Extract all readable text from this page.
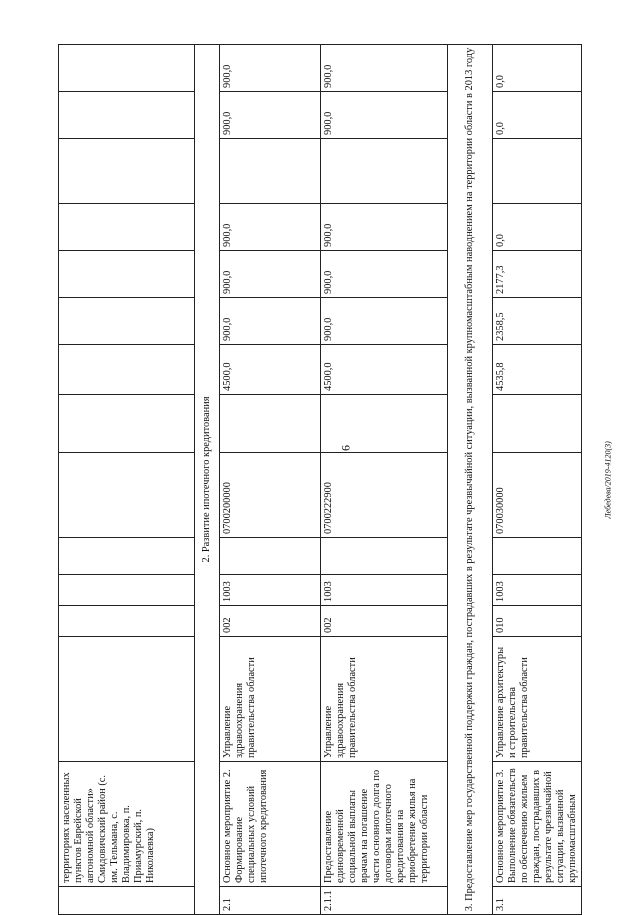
6	Лебедева/2019-4120(3)
	территориях населенных пунктов Еврейской автономной области» Смидовичский район (с. им. Тельмана, с. Владимировка, п. Приамурский, п. Николаевка)													
2. Развитие ипотечного кредитования														
2.1	Основное мероприятие 2. Формирование специальных условий ипотечного кредитования	Управление здравоохранения правительства области	002	1003		0700200000		4500,0	900,0	900,0	900,0		900,0	900,0
2.1.1	Предоставление единовременной социальной выплаты врачам на погашение части основного долга по договорам ипотечного кредитования на приобретение жилья на территории области	Управление здравоохранения правительства области	002	1003		0700222900		4500,0	900,0	900,0	900,0		900,0	900,0
3. Предоставление мер государственной поддержки граждан, пострадавших в результате чрезвычайной ситуации, вызванной крупномасштабным наводнением на территории области в 2013 году														
3.1	Основное мероприятие 3. Выполнение обязательств по обеспечению жильем граждан, пострадавших в результате чрезвычайной ситуации, вызванной крупномасштабным	Управление архитектуры и строительства правительства области	010	1003		070030000		4535,8	2358,5	2177,3	0,0		0,0	0,0
